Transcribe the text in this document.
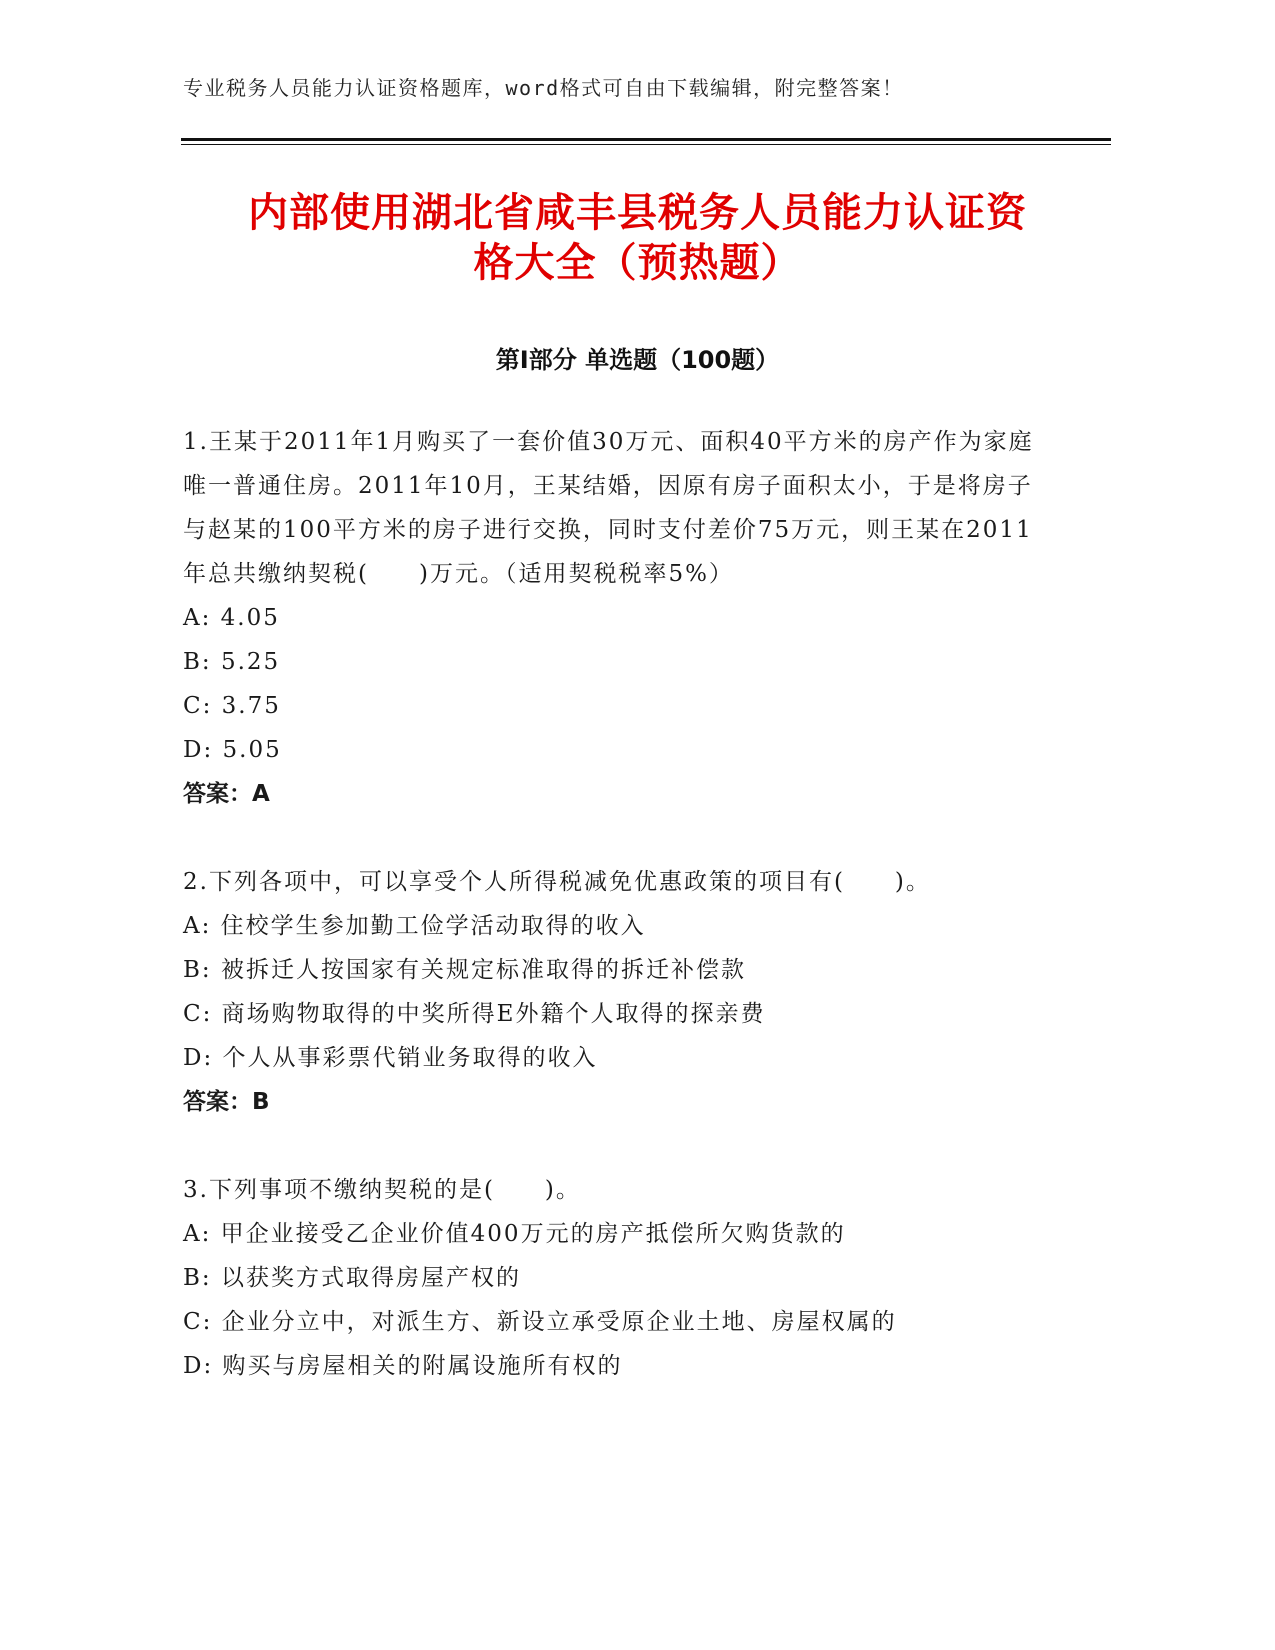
专业税务人员能力认证资格题库，word格式可自由下载编辑，附完整答案！
内部使用湖北省咸丰县税务人员能力认证资
格大全（预热题）
第Ⅰ部分 单选题（100题）

1.王某于2011年1月购买了一套价值30万元、面积40平方米的房产作为家庭唯一普通住房。2011年10月，王某结婚，因原有房子面积太小，于是将房子与赵某的100平方米的房子进行交换，同时支付差价75万元，则王某在2011年总共缴纳契税(　　)万元。（适用契税税率5%）

A: 4.05

B: 5.25

C: 3.75

D: 5.05

答案：A

2.下列各项中，可以享受个人所得税减免优惠政策的项目有(　　)。

A: 住校学生参加勤工俭学活动取得的收入

B: 被拆迁人按国家有关规定标准取得的拆迁补偿款

C: 商场购物取得的中奖所得E外籍个人取得的探亲费

D: 个人从事彩票代销业务取得的收入

答案：B

3.下列事项不缴纳契税的是(　　)。

A: 甲企业接受乙企业价值400万元的房产抵偿所欠购货款的

B: 以获奖方式取得房屋产权的

C: 企业分立中，对派生方、新设立承受原企业土地、房屋权属的

D: 购买与房屋相关的附属设施所有权的
